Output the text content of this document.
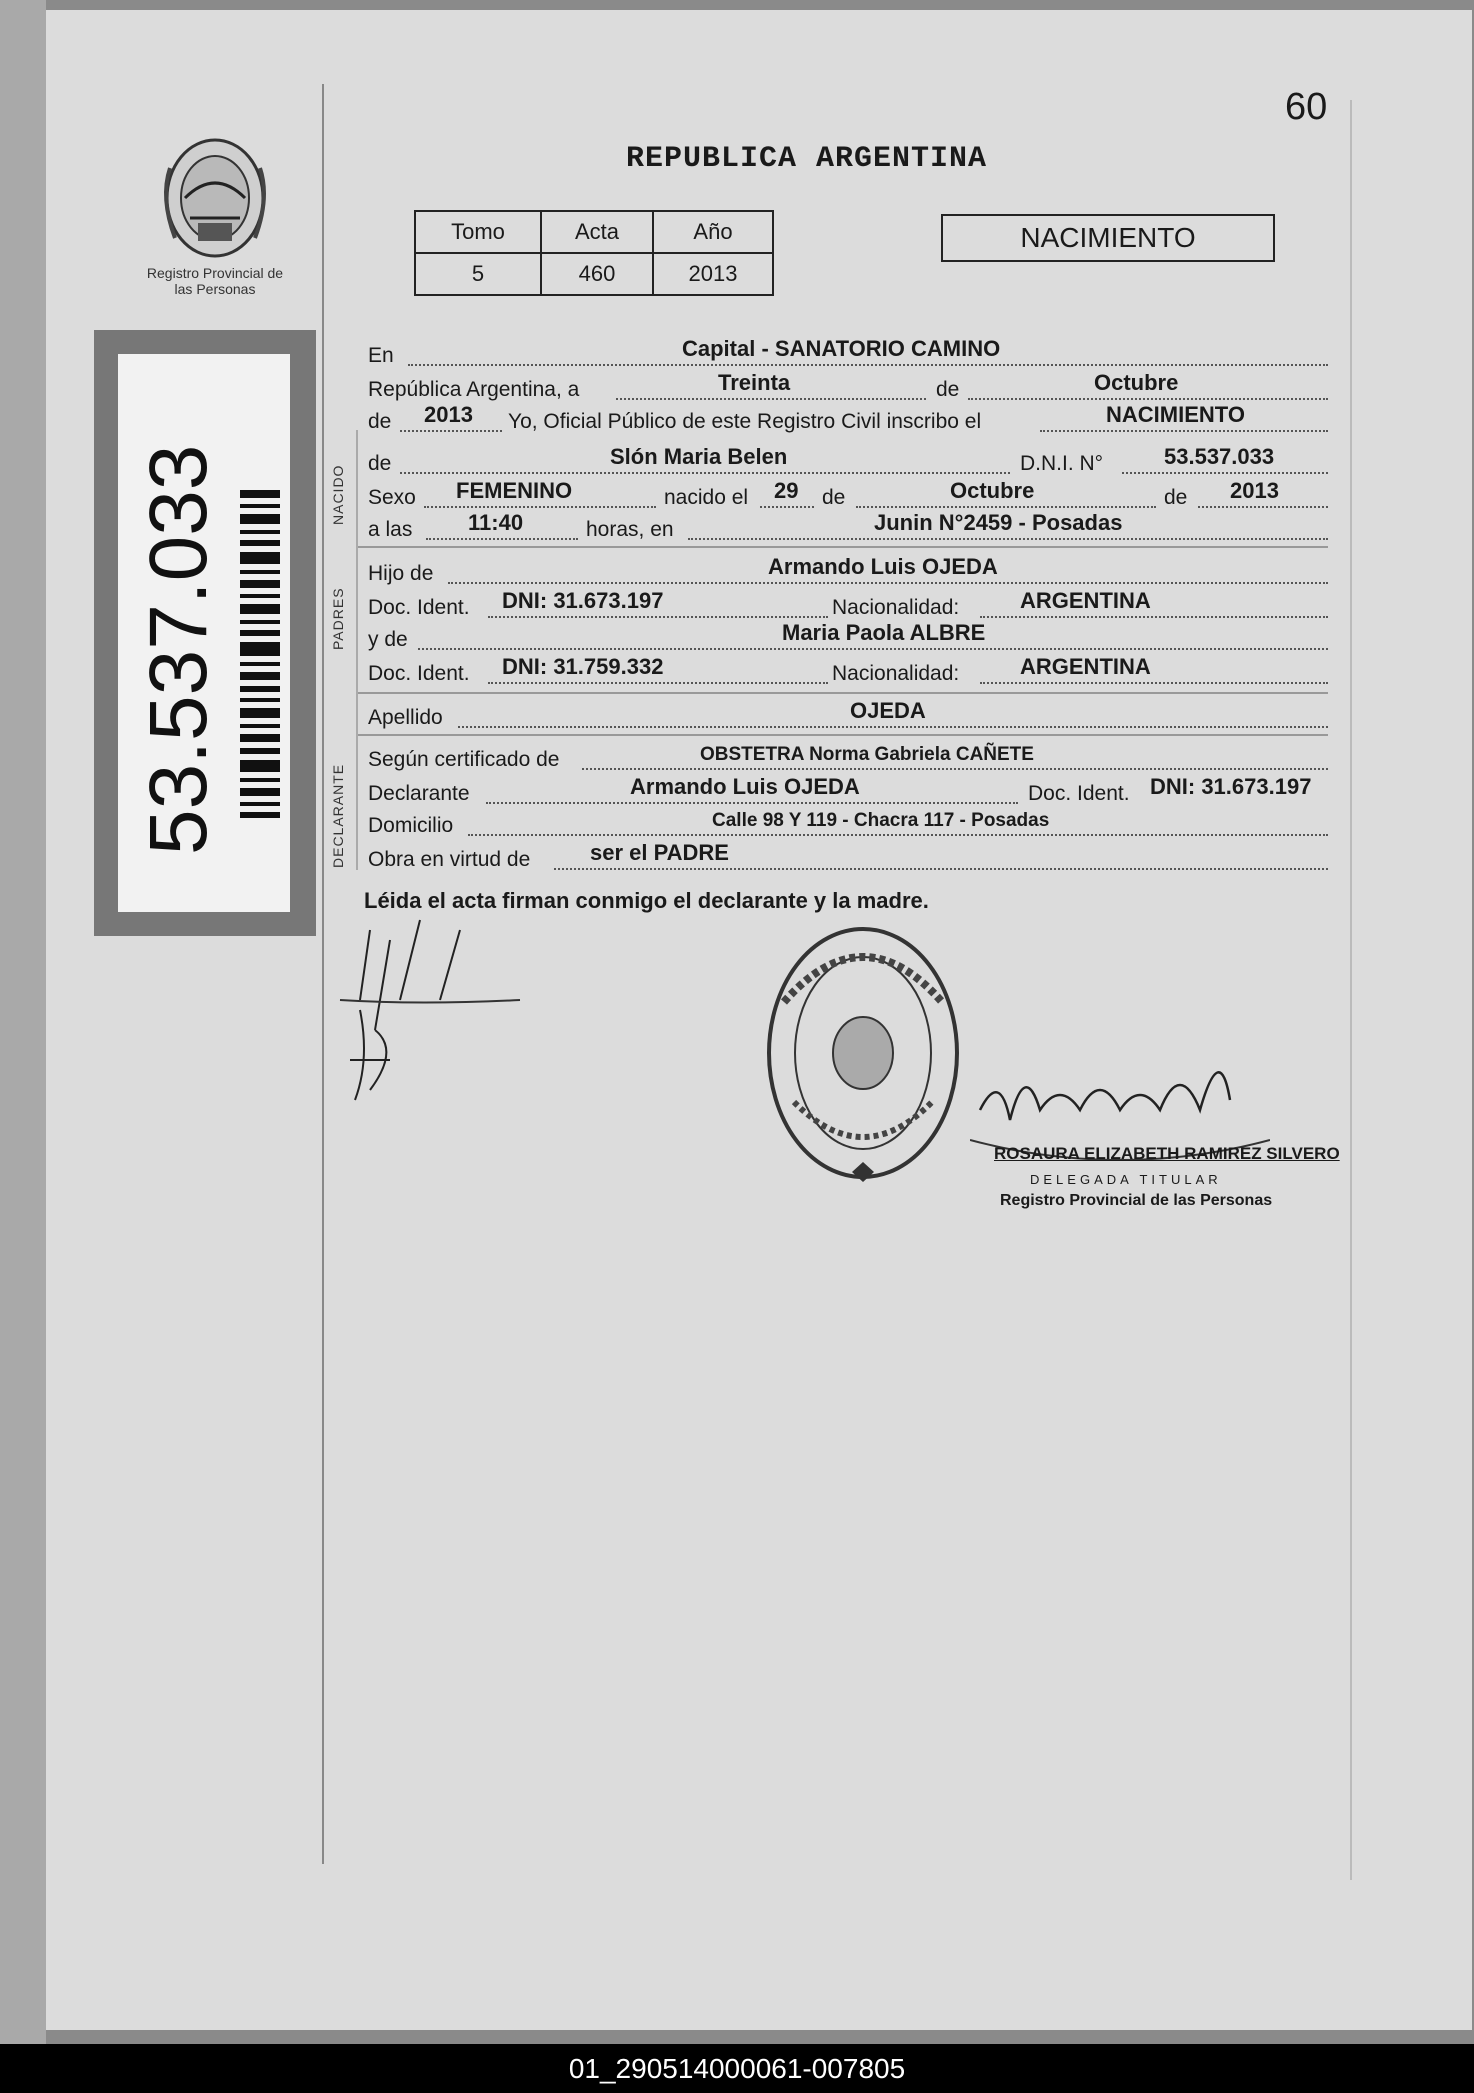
60
Registro Provincial de las Personas
53.537.033
REPUBLICA ARGENTINA
Tomo	Acta	Año
5	460	2013
NACIMIENTO
NACIDO
PADRES
DECLARANTE
En	Capital - SANATORIO CAMINO
República Argentina, a	Treinta	de	Octubre
de 2013 Yo, Oficial Público de este Registro Civil inscribo el	NACIMIENTO
de	Slón Maria Belen	D.N.I. N°	53.537.033
Sexo FEMENINO	nacido el 29 de	Octubre	de 2013
a las	11:40	horas, en	Junin N°2459 - Posadas
Hijo de	Armando Luis OJEDA
Doc. Ident. DNI: 31.673.197	Nacionalidad:	ARGENTINA
y de	Maria Paola ALBRE
Doc. Ident. DNI: 31.759.332	Nacionalidad:	ARGENTINA
Apellido	OJEDA
Según certificado de	OBSTETRA Norma Gabriela CAÑETE
Declarante	Armando Luis OJEDA	Doc. Ident. DNI: 31.673.197
Domicilio	Calle 98 Y 119 - Chacra 117 - Posadas
Obra en virtud de	ser el PADRE
Léida el acta firman conmigo el declarante y la madre.
ROSAURA ELIZABETH RAMIREZ SILVERO
DELEGADA TITULAR
Registro Provincial de las Personas
01_290514000061-007805
